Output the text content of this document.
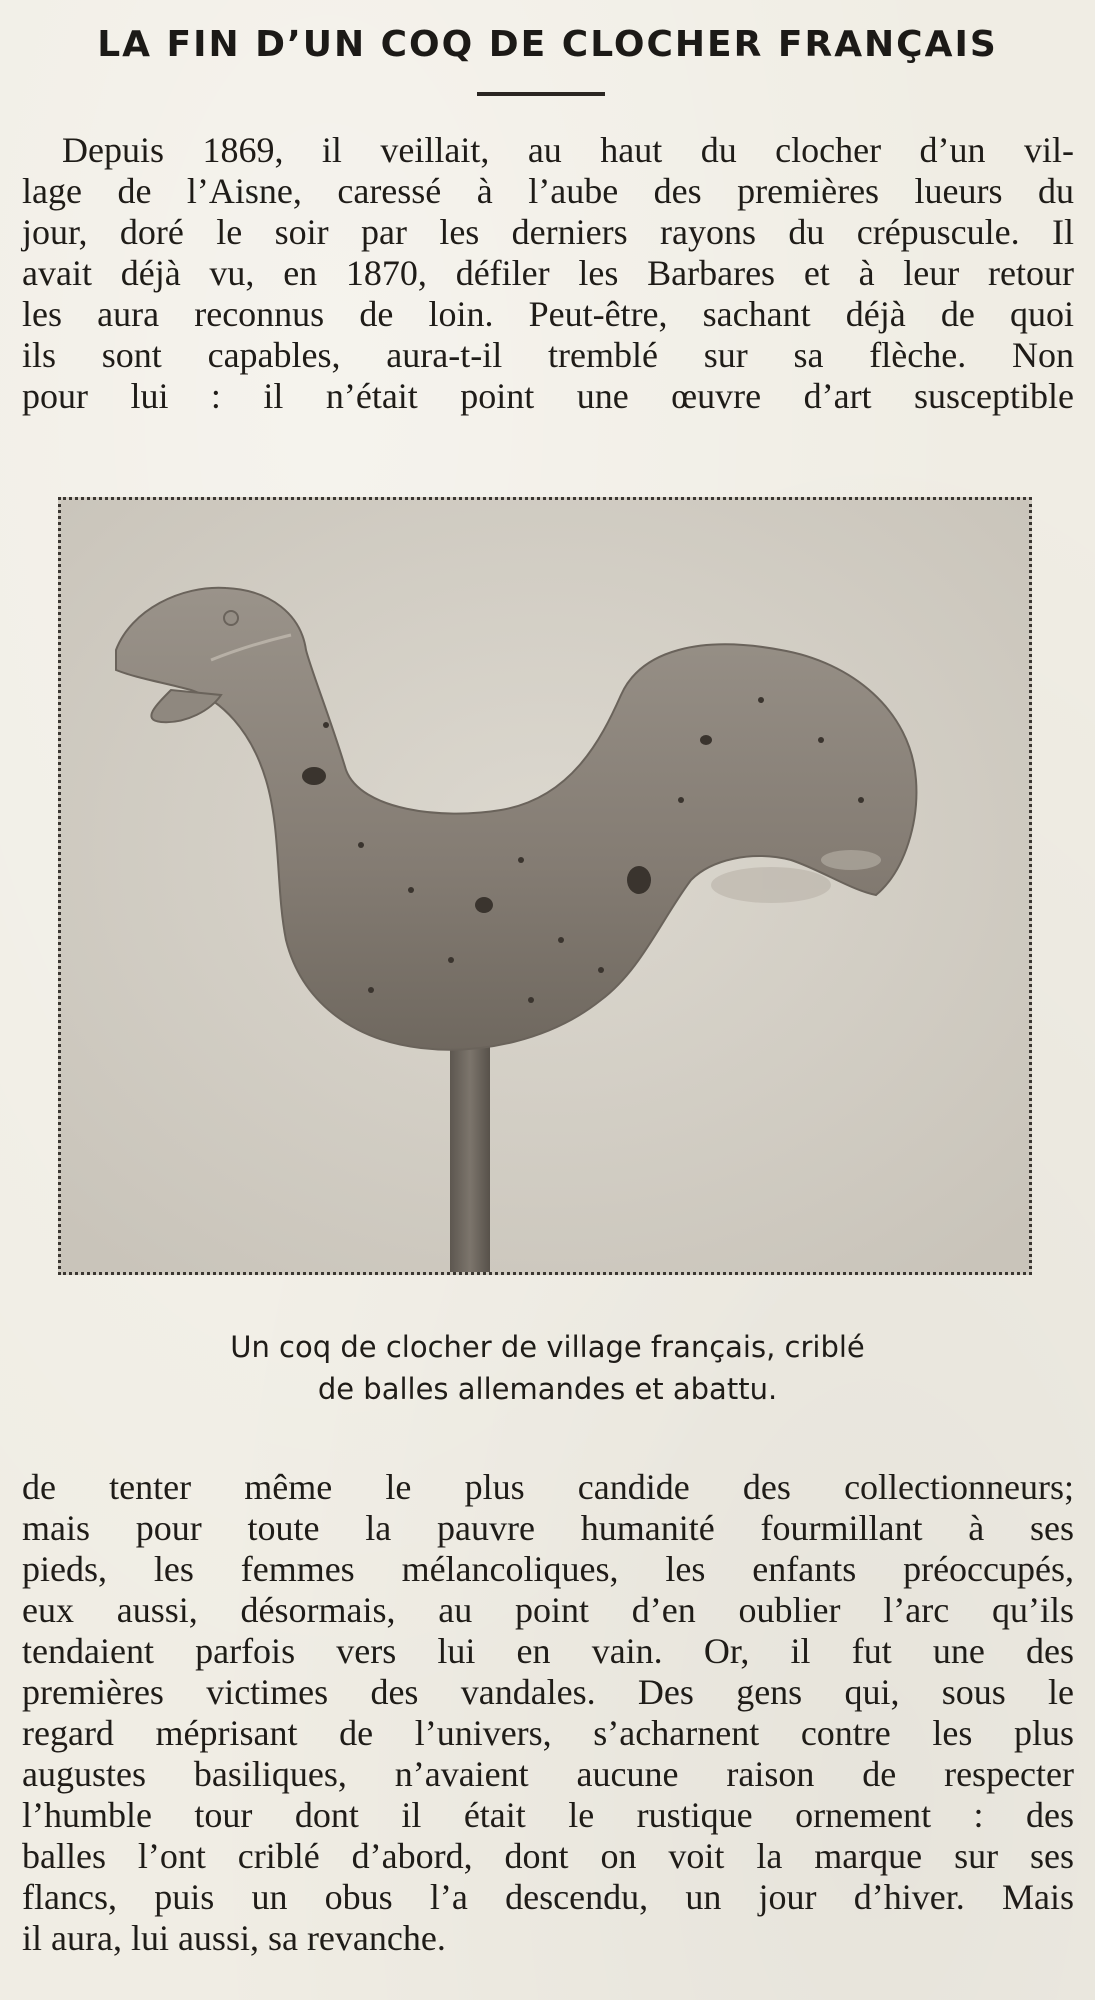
LA FIN D’UN COQ DE CLOCHER FRANÇAIS
Depuis 1869, il veillait, au haut du clocher d’un vil-
lage de l’Aisne, caressé à l’aube des premières lueurs du
jour, doré le soir par les derniers rayons du crépuscule. Il
avait déjà vu, en 1870, défiler les Barbares et à leur retour
les aura reconnus de loin. Peut-être, sachant déjà de quoi
ils sont capables, aura-t-il tremblé sur sa flèche. Non
pour lui : il n’était point une œuvre d’art susceptible
Un coq de clocher de village français, criblé
de balles allemandes et abattu.
de tenter même le plus candide des collectionneurs;
mais pour toute la pauvre humanité fourmillant à ses
pieds, les femmes mélancoliques, les enfants préoccupés,
eux aussi, désormais, au point d’en oublier l’arc qu’ils
tendaient parfois vers lui en vain. Or, il fut une des
premières victimes des vandales. Des gens qui, sous le
regard méprisant de l’univers, s’acharnent contre les plus
augustes basiliques, n’avaient aucune raison de respecter
l’humble tour dont il était le rustique ornement : des
balles l’ont criblé d’abord, dont on voit la marque sur ses
flancs, puis un obus l’a descendu, un jour d’hiver. Mais
il aura, lui aussi, sa revanche.
